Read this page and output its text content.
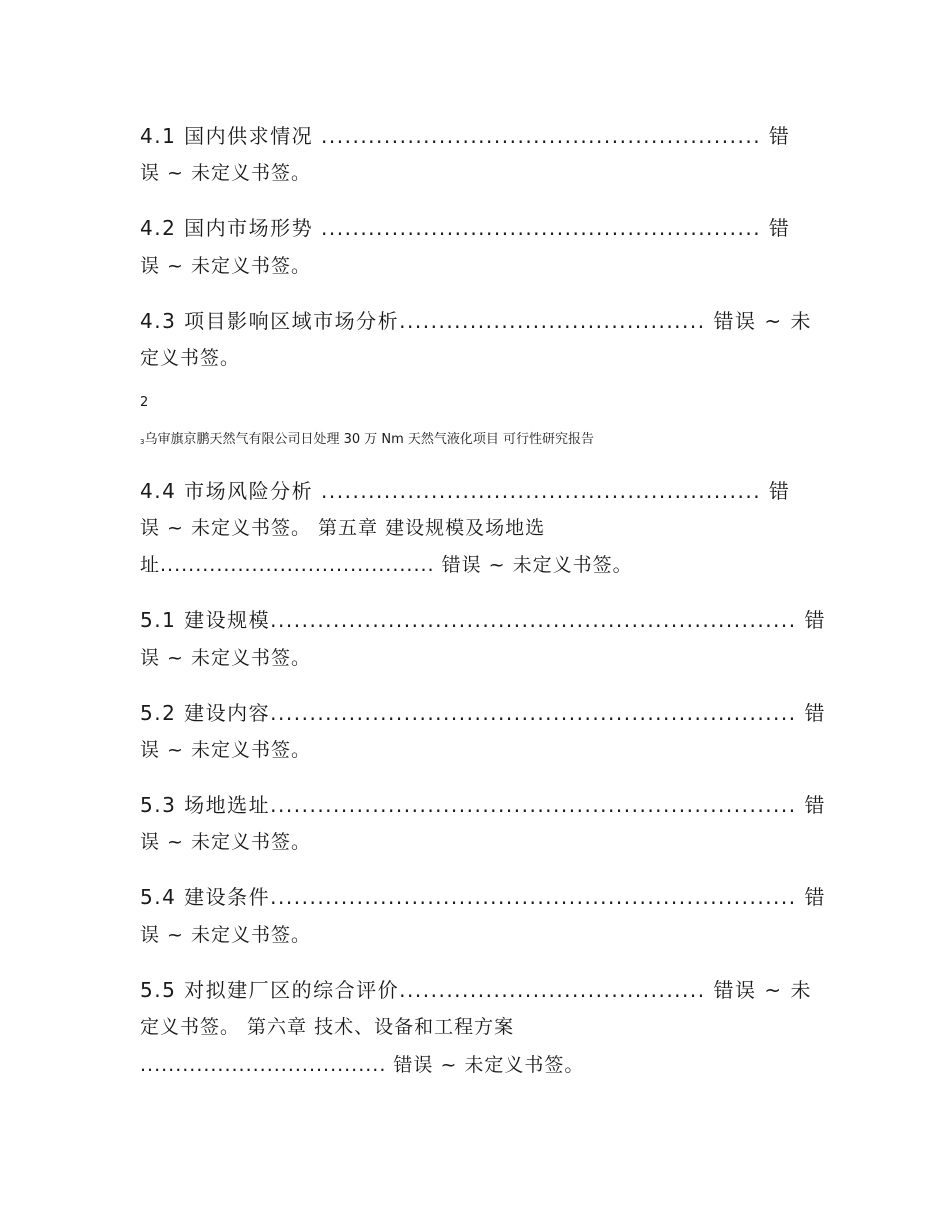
4.1 国内供求情况 ........................................................ 错
误 ~ 未定义书签。
4.2 国内市场形势 ........................................................ 错
误 ~ 未定义书签。
4.3 项目影响区域市场分析....................................... 错误 ~ 未
定义书签。
2
3乌审旗京鹏天然气有限公司日处理 30 万 Nm 天然气液化项目 可行性研究报告
4.4 市场风险分析 ........................................................ 错
误 ~ 未定义书签。 第五章 建设规模及场地选
址....................................... 错误 ~ 未定义书签。
5.1 建设规模................................................................... 错
误 ~ 未定义书签。
5.2 建设内容................................................................... 错
误 ~ 未定义书签。
5.3 场地选址................................................................... 错
误 ~ 未定义书签。
5.4 建设条件................................................................... 错
误 ~ 未定义书签。
5.5 对拟建厂区的综合评价....................................... 错误 ~ 未
定义书签。 第六章 技术、设备和工程方案
................................... 错误 ~ 未定义书签。
